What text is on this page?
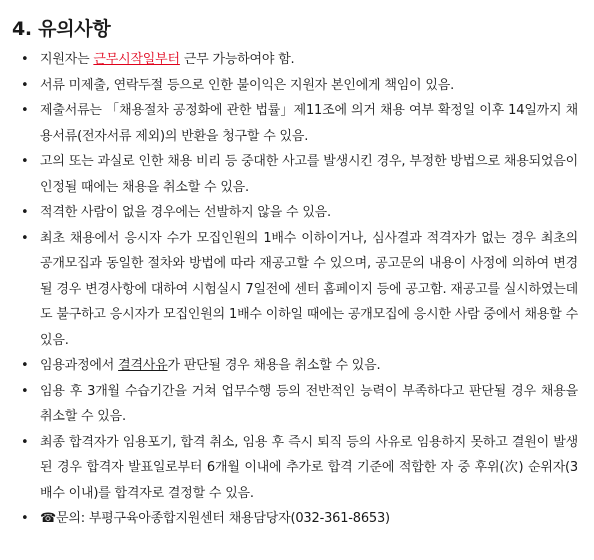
4. 유의사항
• 지원자는 근무시작일부터 근무 가능하여야 함.
• 서류 미제출, 연락두절 등으로 인한 불이익은 지원자 본인에게 책임이 있음.
• 제출서류는 「채용절차 공정화에 관한 법률」제11조에 의거 채용 여부 확정일 이후 14일까지 채용서류(전자서류 제외)의 반환을 청구할 수 있음.
• 고의 또는 과실로 인한 채용 비리 등 중대한 사고를 발생시킨 경우, 부정한 방법으로 채용되었음이 인정될 때에는 채용을 취소할 수 있음.
• 적격한 사람이 없을 경우에는 선발하지 않을 수 있음.
• 최초 채용에서 응시자 수가 모집인원의 1배수 이하이거나, 심사결과 적격자가 없는 경우 최초의 공개모집과 동일한 절차와 방법에 따라 재공고할 수 있으며, 공고문의 내용이 사정에 의하여 변경될 경우 변경사항에 대하여 시험실시 7일전에 센터 홈페이지 등에 공고함. 재공고를 실시하였는데도 불구하고 응시자가 모집인원의 1배수 이하일 때에는 공개모집에 응시한 사람 중에서 채용할 수 있음.
• 임용과정에서 결격사유가 판단될 경우 채용을 취소할 수 있음.
• 임용 후 3개월 수습기간을 거쳐 업무수행 등의 전반적인 능력이 부족하다고 판단될 경우 채용을 취소할 수 있음.
• 최종 합격자가 임용포기, 합격 취소, 임용 후 즉시 퇴직 등의 사유로 임용하지 못하고 결원이 발생된 경우 합격자 발표일로부터 6개월 이내에 추가로 합격 기준에 적합한 자 중 후위(次) 순위자(3배수 이내)를 합격자로 결정할 수 있음.
• ☎문의: 부평구육아종합지원센터 채용담당자(032-361-8653)
